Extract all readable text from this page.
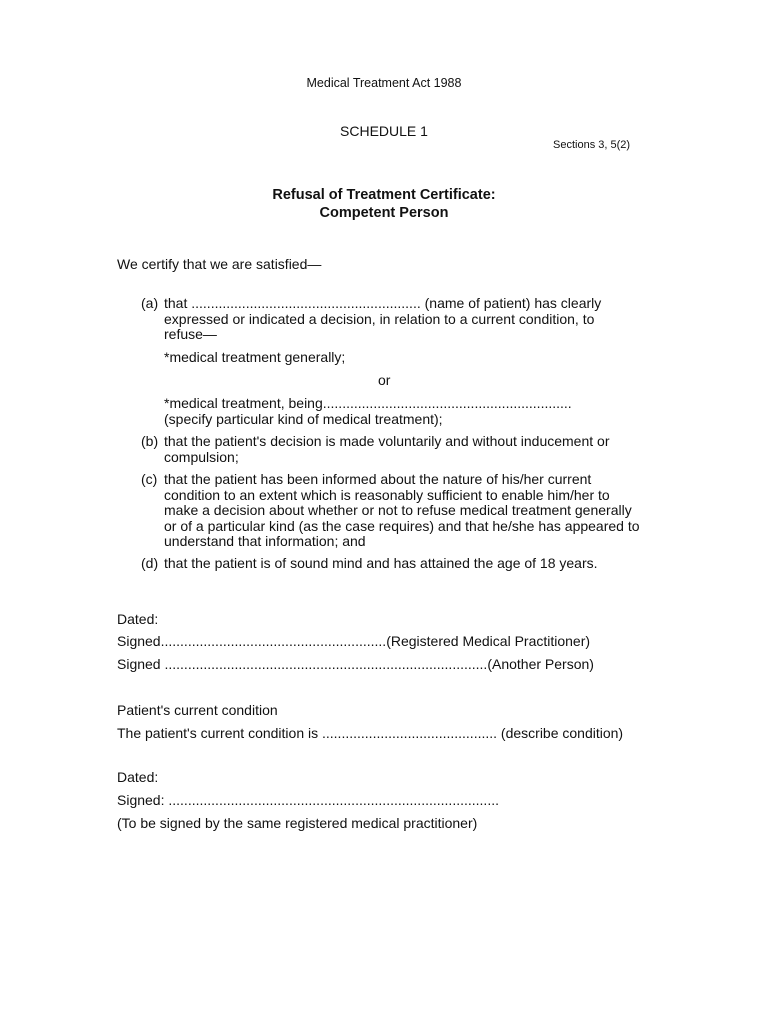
Medical Treatment Act 1988
SCHEDULE 1
Sections 3, 5(2)
Refusal of Treatment Certificate:
Competent Person
We certify that we are satisfied—
(a) that ........................................................... (name of patient) has clearly
expressed or indicated a decision, in relation to a current condition, to
refuse—
*medical treatment generally;
or
*medical treatment, being................................................................
(specify particular kind of medical treatment);
(b) that the patient's decision is made voluntarily and without inducement or
compulsion;
(c) that the patient has been informed about the nature of his/her current
condition to an extent which is reasonably sufficient to enable him/her to
make a decision about whether or not to refuse medical treatment generally
or of a particular kind (as the case requires) and that he/she has appeared to
understand that information; and
(d) that the patient is of sound mind and has attained the age of 18 years.
Dated:
Signed..........................................................(Registered Medical Practitioner)
Signed ...................................................................................(Another Person)
Patient's current condition
The patient's current condition is ............................................. (describe condition)
Dated:
Signed: .....................................................................................
(To be signed by the same registered medical practitioner)
